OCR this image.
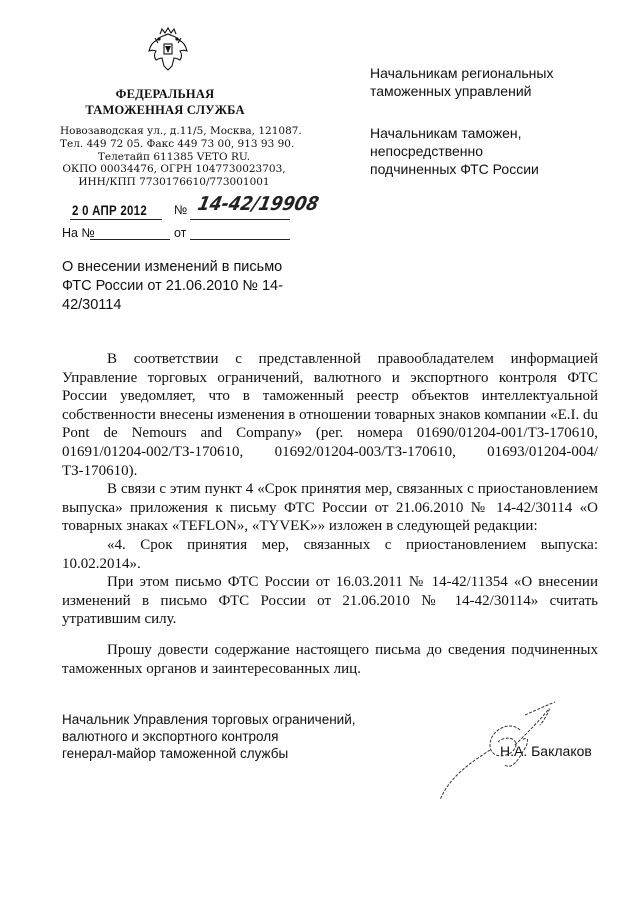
ФЕДЕРАЛЬНАЯ
ТАМОЖЕННАЯ СЛУЖБА
Новозаводская ул., д.11/5, Москва, 121087.
Тел. 449 72 05. Факс 449 73 00, 913 93 90.
Телетайп 611385 VETO RU.
ОКПО 00034476, ОГРН 1047730023703,
ИНН/КПП 7730176610/773001001
2 0 АПР 2012 № 14-42/19908
На №	от
Начальникам региональных таможенных управлений
Начальникам таможен, непосредственно подчиненных ФТС России
О внесении изменений в письмо ФТС России от 21.06.2010 № 14-42/30114

В соответствии с представленной правообладателем информацией Управление торговых ограничений, валютного и экспортного контроля ФТС России уведомляет, что в таможенный реестр объектов интеллектуальной собственности внесены изменения в отношении товарных знаков компании «E.I. du Pont de Nemours and Company» (рег. номера 01690/01204-001/ТЗ-170610, 01691/01204-002/ТЗ-170610, 01692/01204-003/ТЗ-170610, 01693/01204-004/ТЗ-170610).

В связи с этим пункт 4 «Срок принятия мер, связанных с приостановлением выпуска» приложения к письму ФТС России от 21.06.2010 № 14-42/30114 «О товарных знаках «TEFLON», «TYVEK»» изложен в следующей редакции:

«4. Срок принятия мер, связанных с приостановлением выпуска: 10.02.2014».

При этом письмо ФТС России от 16.03.2011 № 14-42/11354 «О внесении изменений в письмо ФТС России от 21.06.2010 № 14-42/30114» считать утратившим силу.

Прошу довести содержание настоящего письма до сведения подчиненных таможенных органов и заинтересованных лиц.

Начальник Управления торговых ограничений,
валютного и экспортного контроля
генерал-майор таможенной службы	Н.А. Баклаков
